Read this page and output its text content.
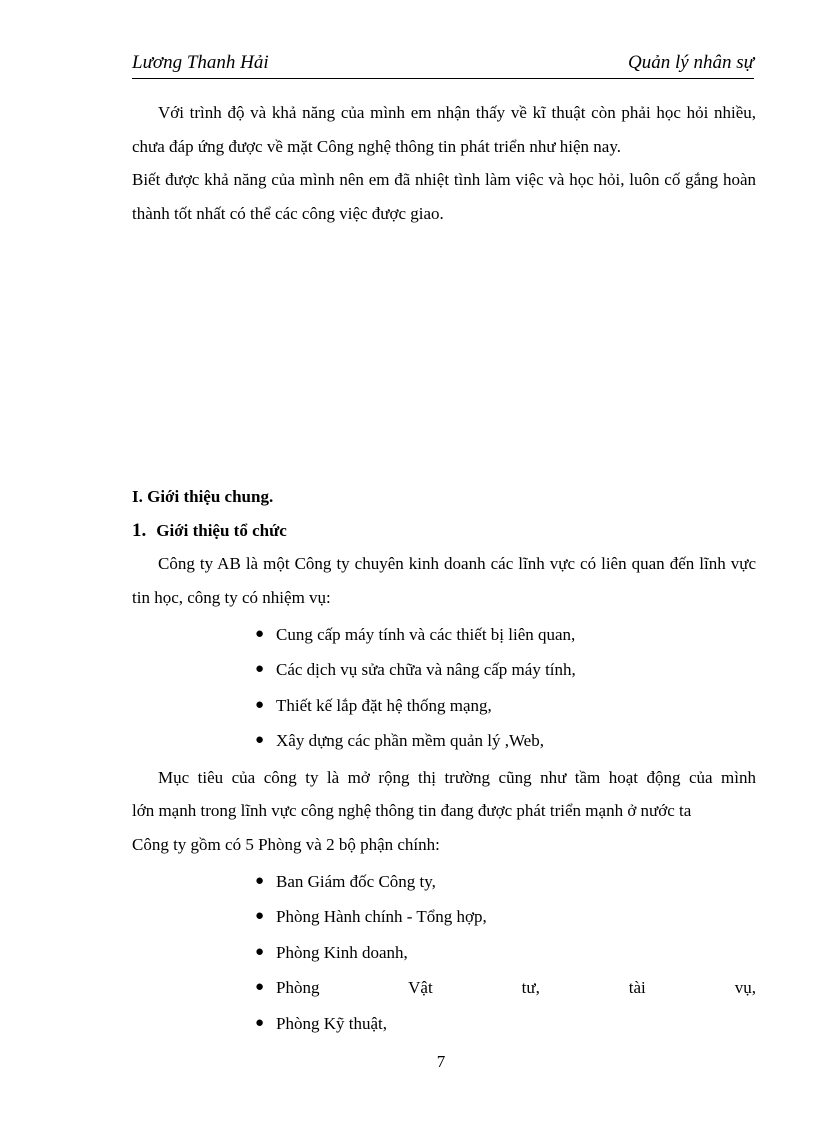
Lương Thanh Hải	Quản lý nhân sự

Với trình độ và khả năng của mình em nhận thấy về kĩ thuật còn phải học hỏi nhiều, chưa đáp ứng được về mặt Công nghệ thông tin phát triển như hiện nay.

Biết được khả năng của mình nên em đã nhiệt tình làm việc và học hỏi, luôn cố gắng hoàn thành tốt nhất có thể các công việc được giao.

I. Giới thiệu chung.

1. Giới thiệu tổ chức

Công ty AB là một Công ty chuyên kinh doanh các lĩnh vực có liên quan đến lĩnh vực tin học, công ty có nhiệm vụ:

● Cung cấp máy tính và các thiết bị liên quan,
● Các dịch vụ sửa chữa và nâng cấp máy tính,
● Thiết kế lắp đặt hệ thống mạng,
● Xây dựng các phần mềm quản lý ,Web,

Mục tiêu của công ty là mở rộng thị trường cũng như tầm hoạt động của mình

lớn mạnh trong lĩnh vực công nghệ thông tin đang được phát triển mạnh ở nước ta

Công ty gồm có 5 Phòng và 2 bộ phận chính:

● Ban Giám đốc Công ty,
● Phòng Hành chính - Tổng hợp,
● Phòng Kinh doanh,
● Phòng Vật tư, tài vụ,
● Phòng Kỹ thuật,
7
